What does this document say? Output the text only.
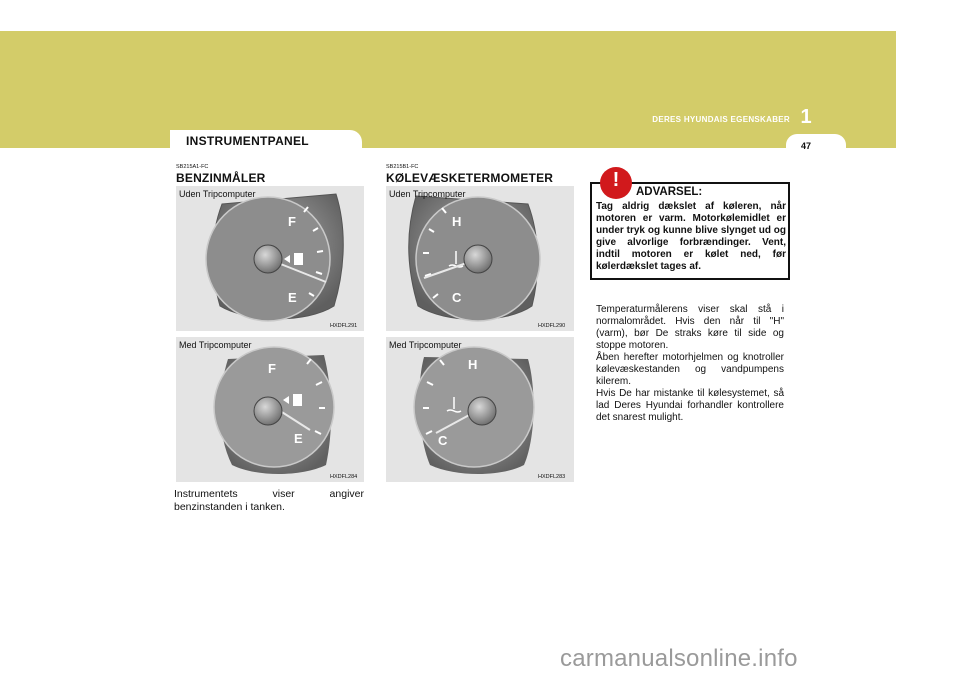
1
DERES HYUNDAIS EGENSKABER
47
INSTRUMENTPANEL
SB215A1-FC
BENZINMÅLER
F
E
Uden Tripcomputer
HXDFL291
F
E
Med Tripcomputer
HXDFL284
Instrumentets viser angiver benzinstanden i tanken.
SB215B1-FC
KØLEVÆSKETERMOMETER
H
C
Uden Tripcomputer
HXDFL290
H
C
Med Tripcomputer
HXDFL283
!
ADVARSEL:
Tag aldrig dækslet af køleren, når motoren er varm. Motorkølemidlet er under tryk og kunne blive slynget ud og give alvorlige forbrændinger. Vent, indtil motoren er kølet ned, før kølerdækslet tages af.

Temperaturmålerens viser skal stå i normalområdet. Hvis den når til "H" (varm), bør De straks køre til side og stoppe motoren.

Åben herefter motorhjelmen og knotroller kølevæskestanden og vandpumpens kilerem.

Hvis De har mistanke til kølesystemet, så lad Deres Hyundai forhandler kontrollere det snarest mulight.

carmanualsonline.info
